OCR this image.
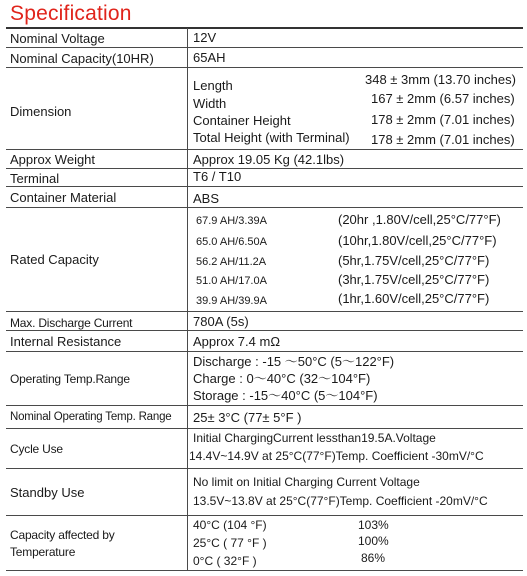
Specification
Nominal Voltage	12V
Nominal Capacity(10HR)	65AH
Dimension
Length	348 ± 3mm (13.70 inches)
Width	167 ± 2mm (6.57 inches)
Container Height	178 ± 2mm (7.01 inches)
Total Height (with Terminal) 178 ± 2mm (7.01 inches)
Approx Weight	Approx 19.05 Kg (42.1lbs)
Terminal	T6 / T10
Container Material	ABS
Rated Capacity
67.9 AH/3.39A	(20hr ,1.80V/cell,25°C/77°F)
65.0 AH/6.50A	(10hr,1.80V/cell,25°C/77°F)
56.2 AH/11.2A	(5hr,1.75V/cell,25°C/77°F)
51.0 AH/17.0A	(3hr,1.75V/cell,25°C/77°F)
39.9 AH/39.9A	(1hr,1.60V/cell,25°C/77°F)
Max. Discharge Current	780A (5s)
Internal Resistance	Approx 7.4 mΩ
Operating Temp.Range
Discharge : -15 ～50°C (5～122°F)
Charge : 0～40°C (32～104°F)
Storage : -15～40°C (5～104°F)
Nominal Operating Temp. Range 25± 3°C (77± 5°F )
Cycle Use
Initial ChargingCurrent lessthan19.5A.Voltage
14.4V~14.9V at 25°C(77°F)Temp. Coefficient -30mV/°C
Standby Use
No limit on Initial Charging Current Voltage
13.5V~13.8V at 25°C(77°F)Temp. Coefficient -20mV/°C
Capacity affected by
Temperature
40°C (104 °F)	103%
25°C ( 77 °F )	100%
0°C ( 32°F )	86%
